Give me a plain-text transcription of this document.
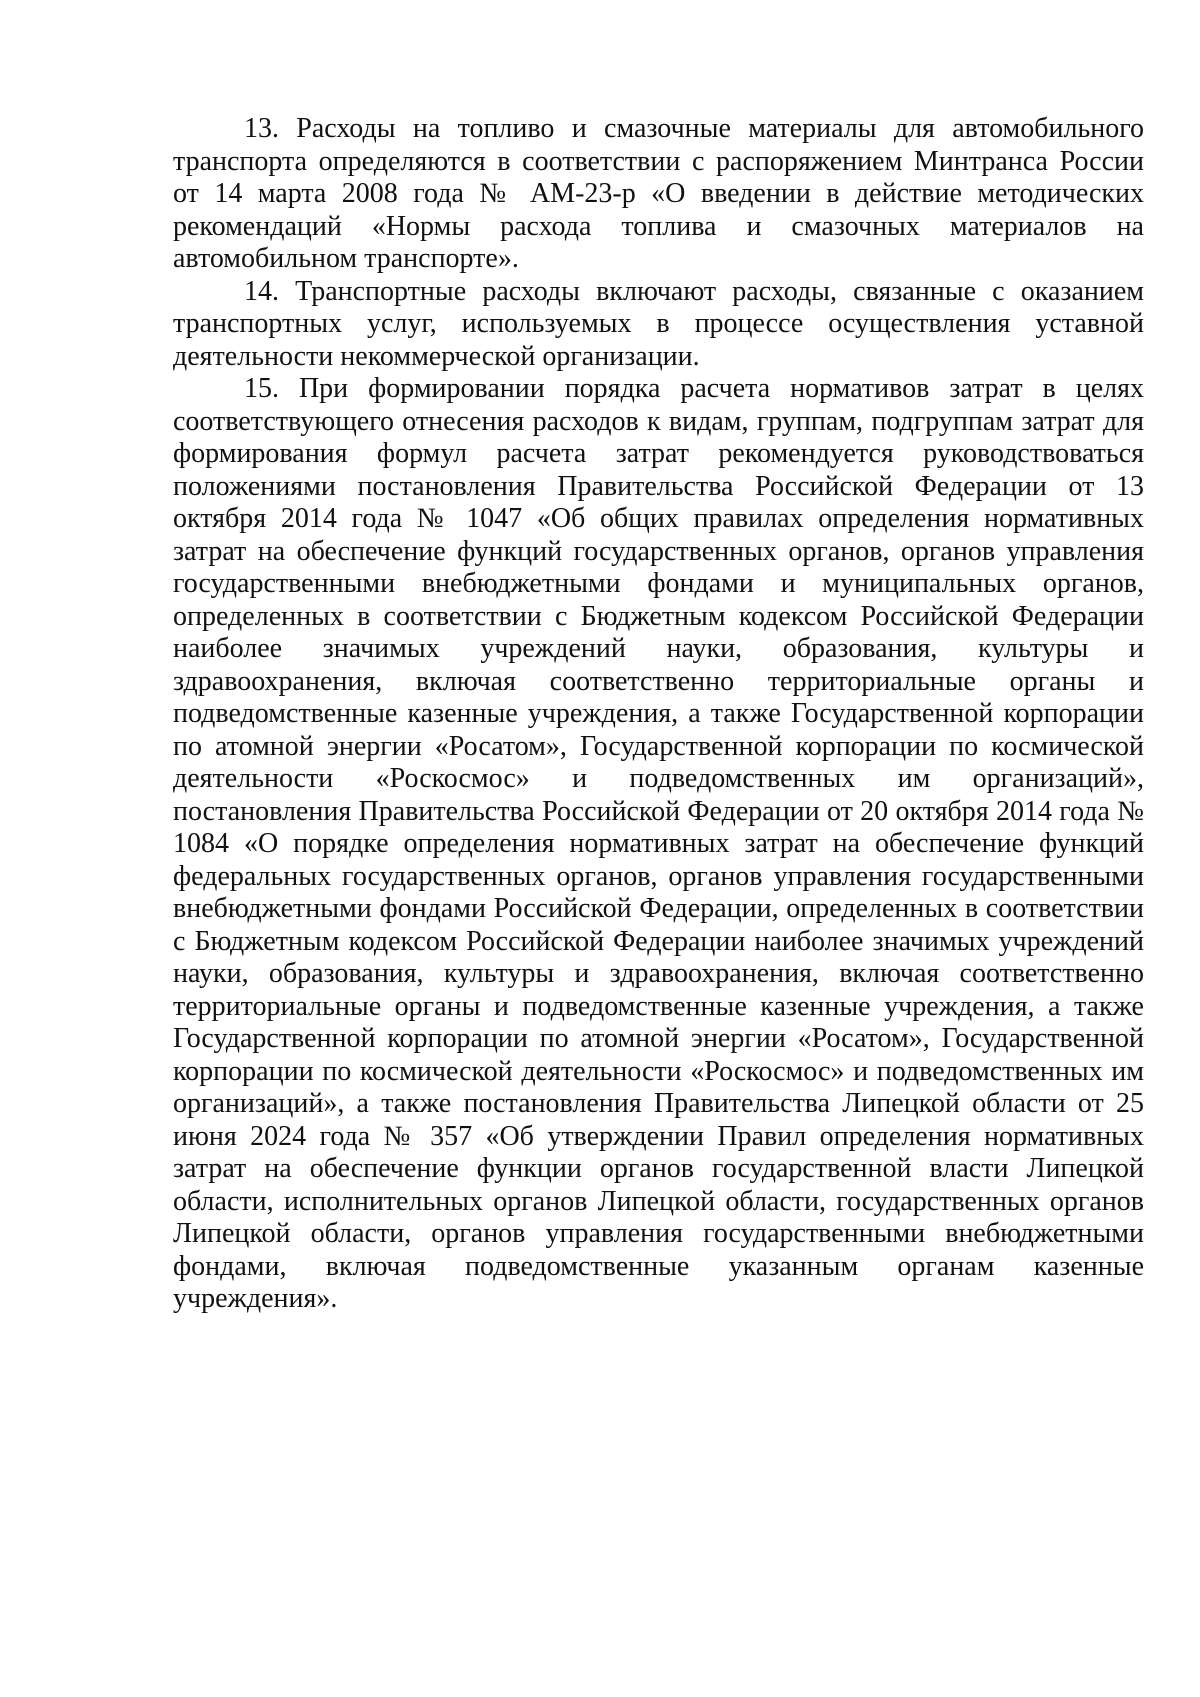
13. Расходы на топливо и смазочные материалы для автомобильного транспорта определяются в соответствии с распоряжением Минтранса России от 14 марта 2008 года № АМ-23-р «О введении в действие методических рекомендаций «Нормы расхода топлива и смазочных материалов на автомобильном транспорте».

14. Транспортные расходы включают расходы, связанные с оказанием транспортных услуг, используемых в процессе осуществления уставной деятельности некоммерческой организации.

15. При формировании порядка расчета нормативов затрат в целях соответствующего отнесения расходов к видам, группам, подгруппам затрат для формирования формул расчета затрат рекомендуется руководствоваться положениями постановления Правительства Российской Федерации от 13 октября 2014 года № 1047 «Об общих правилах определения нормативных затрат на обеспечение функций государственных органов, органов управления государственными внебюджетными фондами и муниципальных органов, определенных в соответствии с Бюджетным кодексом Российской Федерации наиболее значимых учреждений науки, образования, культуры и здравоохранения, включая соответственно территориальные органы и подведомственные казенные учреждения, а также Государственной корпорации по атомной энергии «Росатом», Государственной корпорации по космической деятельности «Роскосмос» и подведомственных им организаций», постановления Правительства Российской Федерации от 20 октября 2014 года № 1084 «О порядке определения нормативных затрат на обеспечение функций федеральных государственных органов, органов управления государственными внебюджетными фондами Российской Федерации, определенных в соответствии с Бюджетным кодексом Российской Федерации наиболее значимых учреждений науки, образования, культуры и здравоохранения, включая соответственно территориальные органы и подведомственные казенные учреждения, а также Государственной корпорации по атомной энергии «Росатом», Государственной корпорации по космической деятельности «Роскосмос» и подведомственных им организаций», а также постановления Правительства Липецкой области от 25 июня 2024 года № 357 «Об утверждении Правил определения нормативных затрат на обеспечение функции органов государственной власти Липецкой области, исполнительных органов Липецкой области, государственных органов Липецкой области, органов управления государственными внебюджетными фондами, включая подведомственные указанным органам казенные учреждения».
